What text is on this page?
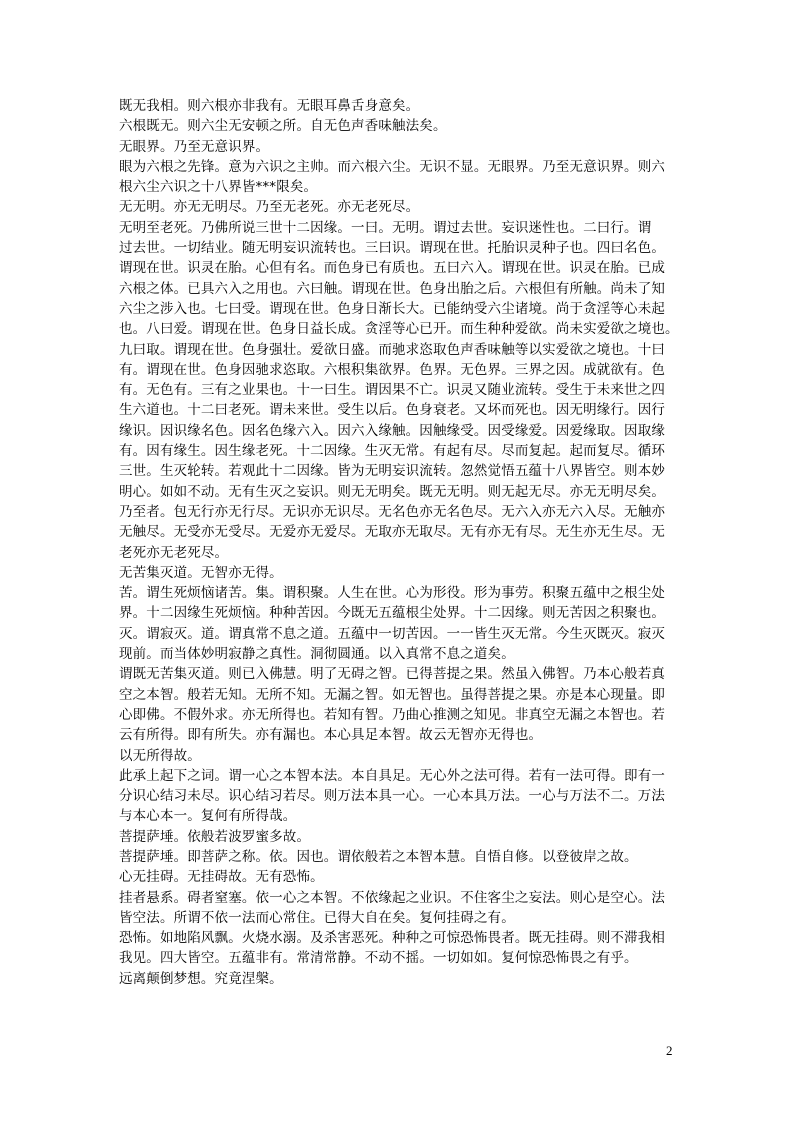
既无我相。则六根亦非我有。无眼耳鼻舌身意矣。
六根既无。则六尘无安顿之所。自无色声香味触法矣。
无眼界。乃至无意识界。
眼为六根之先锋。意为六识之主帅。而六根六尘。无识不显。无眼界。乃至无意识界。则六
根六尘六识之十八界皆***限矣。
无无明。亦无无明尽。乃至无老死。亦无老死尽。
无明至老死。乃佛所说三世十二因缘。一曰。无明。谓过去世。妄识迷性也。二曰行。谓
过去世。一切结业。随无明妄识流转也。三曰识。谓现在世。托胎识灵种子也。四曰名色。
谓现在世。识灵在胎。心但有名。而色身已有质也。五曰六入。谓现在世。识灵在胎。已成
六根之体。已具六入之用也。六曰触。谓现在世。色身出胎之后。六根但有所触。尚未了知
六尘之涉入也。七曰受。谓现在世。色身日渐长大。已能纳受六尘诸境。尚于贪淫等心未起
也。八曰爱。谓现在世。色身日益长成。贪淫等心已开。而生种种爱欲。尚未实爱欲之境也。
九曰取。谓现在世。色身强壮。爱欲日盛。而驰求恣取色声香味触等以实爱欲之境也。十曰
有。谓现在世。色身因驰求恣取。六根积集欲界。色界。无色界。三界之因。成就欲有。色
有。无色有。三有之业果也。十一曰生。谓因果不亡。识灵又随业流转。受生于未来世之四
生六道也。十二曰老死。谓未来世。受生以后。色身衰老。又坏而死也。因无明缘行。因行
缘识。因识缘名色。因名色缘六入。因六入缘触。因触缘受。因受缘爱。因爱缘取。因取缘
有。因有缘生。因生缘老死。十二因缘。生灭无常。有起有尽。尽而复起。起而复尽。循环
三世。生灭轮转。若观此十二因缘。皆为无明妄识流转。忽然觉悟五蕴十八界皆空。则本妙
明心。如如不动。无有生灭之妄识。则无无明矣。既无无明。则无起无尽。亦无无明尽矣。
乃至者。包无行亦无行尽。无识亦无识尽。无名色亦无名色尽。无六入亦无六入尽。无触亦
无触尽。无受亦无受尽。无爱亦无爱尽。无取亦无取尽。无有亦无有尽。无生亦无生尽。无
老死亦无老死尽。
无苦集灭道。无智亦无得。
苦。谓生死烦恼诸苦。集。谓积聚。人生在世。心为形役。形为事劳。积聚五蕴中之根尘处
界。十二因缘生死烦恼。种种苦因。今既无五蕴根尘处界。十二因缘。则无苦因之积聚也。
灭。谓寂灭。道。谓真常不息之道。五蕴中一切苦因。一一皆生灭无常。今生灭既灭。寂灭
现前。而当体妙明寂静之真性。洞彻圆通。以入真常不息之道矣。
谓既无苦集灭道。则已入佛慧。明了无碍之智。已得菩提之果。然虽入佛智。乃本心般若真
空之本智。般若无知。无所不知。无漏之智。如无智也。虽得菩提之果。亦是本心现量。即
心即佛。不假外求。亦无所得也。若知有智。乃曲心推测之知见。非真空无漏之本智也。若
云有所得。即有所失。亦有漏也。本心具足本智。故云无智亦无得也。
以无所得故。
此承上起下之词。谓一心之本智本法。本自具足。无心外之法可得。若有一法可得。即有一
分识心结习未尽。识心结习若尽。则万法本具一心。一心本具万法。一心与万法不二。万法
与本心本一。复何有所得哉。
菩提萨埵。依般若波罗蜜多故。
菩提萨埵。即菩萨之称。依。因也。谓依般若之本智本慧。自悟自修。以登彼岸之故。
心无挂碍。无挂碍故。无有恐怖。
挂者悬系。碍者窒塞。依一心之本智。不依缘起之业识。不住客尘之妄法。则心是空心。法
皆空法。所谓不依一法而心常住。已得大自在矣。复何挂碍之有。
恐怖。如地陷风飘。火烧水溺。及杀害恶死。种种之可惊恐怖畏者。既无挂碍。则不滞我相
我见。四大皆空。五蕴非有。常清常静。不动不摇。一切如如。复何惊恐怖畏之有乎。
远离颠倒梦想。究竟涅槃。
2
